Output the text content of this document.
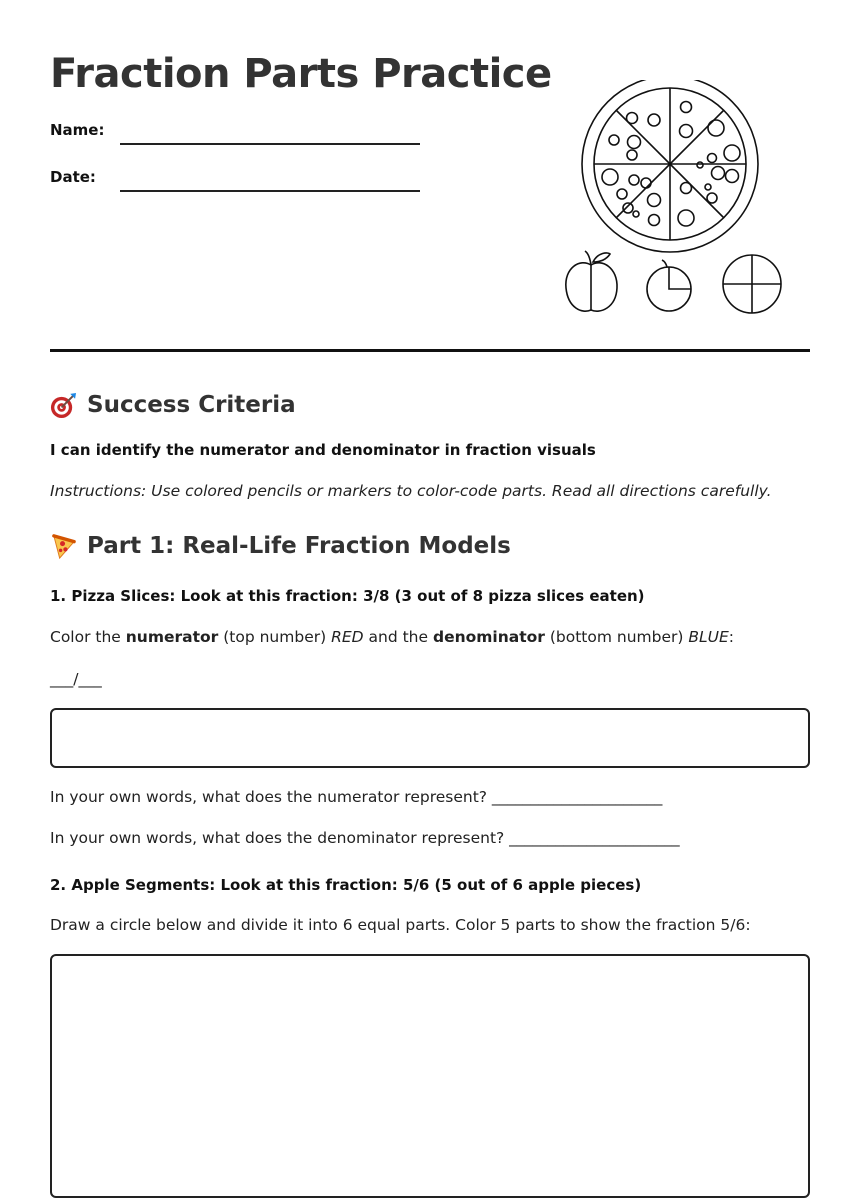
Fraction Parts Practice
Name:
Date:
Success Criteria
I can identify the numerator and denominator in fraction visuals
Instructions: Use colored pencils or markers to color-code parts. Read all directions carefully.
Part 1: Real-Life Fraction Models
1. Pizza Slices: Look at this fraction: 3/8 (3 out of 8 pizza slices eaten)
Color the numerator (top number) RED and the denominator (bottom number) BLUE:
___/___
In your own words, what does the numerator represent? ______________________
In your own words, what does the denominator represent? ______________________
2. Apple Segments: Look at this fraction: 5/6 (5 out of 6 apple pieces)
Draw a circle below and divide it into 6 equal parts. Color 5 parts to show the fraction 5/6:
